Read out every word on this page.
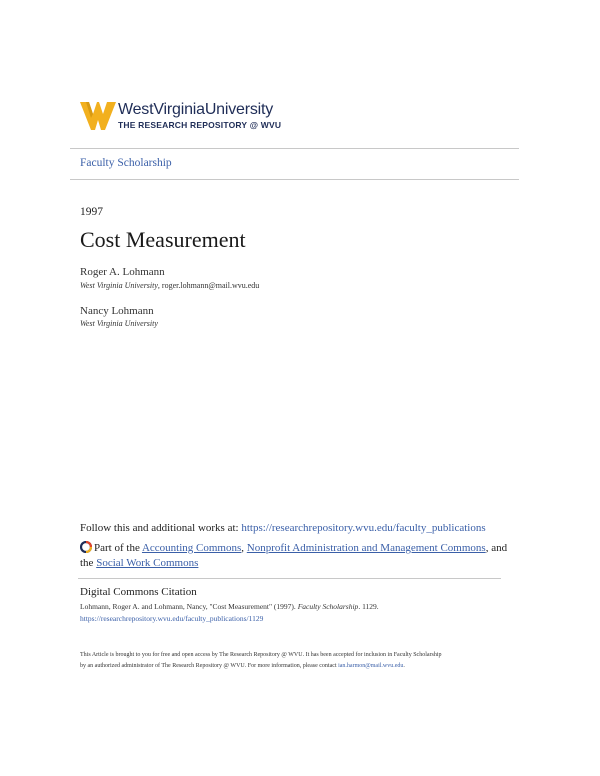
WestVirginiaUniversity
THE RESEARCH REPOSITORY @ WVU
Faculty Scholarship
1997
Cost Measurement
Roger A. Lohmann
West Virginia University, roger.lohmann@mail.wvu.edu
Nancy Lohmann
West Virginia University
Follow this and additional works at: https://researchrepository.wvu.edu/faculty_publications
Part of the Accounting Commons, Nonprofit Administration and Management Commons, and
the Social Work Commons
Digital Commons Citation
Lohmann, Roger A. and Lohmann, Nancy, "Cost Measurement" (1997). Faculty Scholarship. 1129.
https://researchrepository.wvu.edu/faculty_publications/1129
This Article is brought to you for free and open access by The Research Repository @ WVU. It has been accepted for inclusion in Faculty Scholarship
by an authorized administrator of The Research Repository @ WVU. For more information, please contact ian.harmon@mail.wvu.edu.
